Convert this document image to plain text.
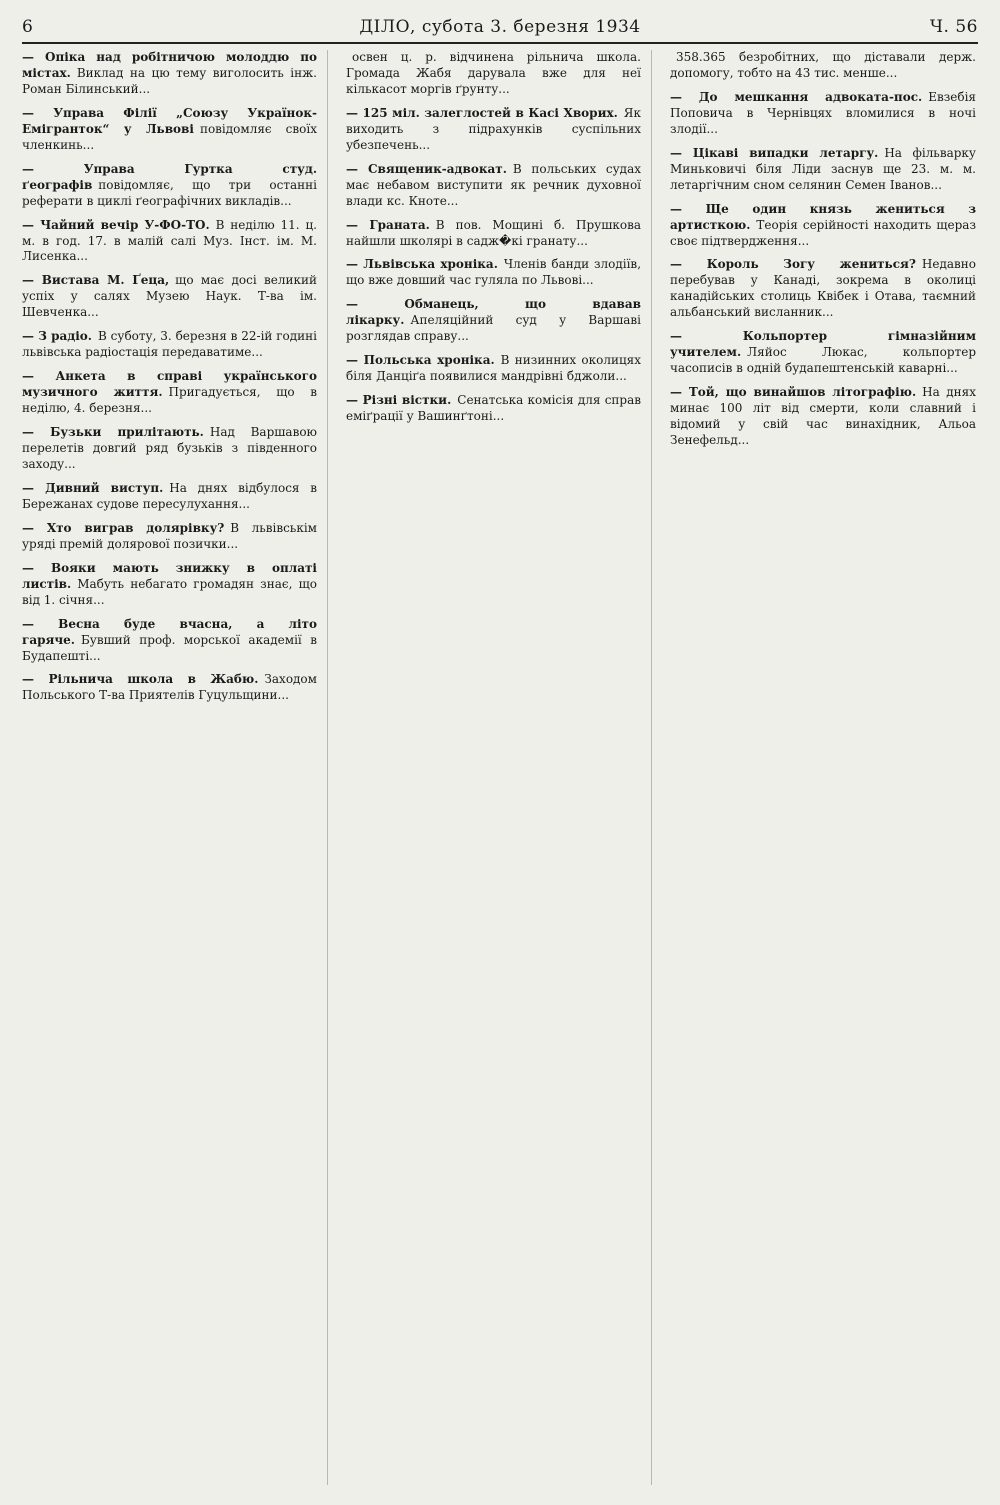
6	ДІЛО, субота 3. березня 1934	Ч. 56
— Опіка над робітничою молоддю по містах. Виклад на цю тему виголосить інж. Роман Білинський...
— Управа Філії „Союзу Українок-Емігранток“ у Львові повідомляє своїх членкинь...
— Управа Гуртка студ. ґеографів повідомляє, що три останні реферати в циклі ґеографічних викладів...
— Чайний вечір У-ФО-ТО. В неділю 11. ц. м. в год. 17. в малій салі Муз. Інст. ім. М. Лисенка...
— Вистава М. Ґеца, що має досі великий успіх у салях Музею Наук. Т-ва ім. Шевченка...
— З радіо. В суботу, 3. березня в 22-ій годині львівська радіостація передаватиме...
— Анкета в справі українського музичного життя. Пригадується, що в неділю, 4. березня...
— Бузьки прилітають. Над Варшавою перелетів довгий ряд бузьків з південного заходу...
— Дивний виступ. На днях відбулося в Бережанах судове пересулухання...
— Хто виграв долярівку? В львівськім уряді премій долярової позички...
— Вояки мають знижку в оплаті листів. Мабуть небагато громадян знає, що від 1. січня...
— Весна буде вчасна, а літо гаряче. Бувший проф. морської академії в Будапешті...
— Рільнича школа в Жабю. Заходом Польського Т-ва Приятелів Гуцульщини...
освен ц. р. відчинена рільнича школа. Громада Жабя дарувала вже для неї кількасот моргів ґрунту...
— 125 міл. залеглостей в Касі Хворих. Як виходить з підрахунків суспільних убезпечень...
— Священик-адвокат. В польських судах має небавом виступити як речник духовної влади кс. Кноте...
— Граната. В пов. Мощині б. Прушкова найшли школярі в садж�кі гранату...
— Львівська хроніка. Членів банди злодіїв, що вже довший час гуляла по Львові...
— Обманець, що вдавав лікарку. Апеляційний суд у Варшаві розглядав справу...
— Польська хроніка. В низинних околицях біля Данціґа появилися мандрівні бджоли...
— Різні вістки. Сенатська комісія для справ еміґрації у Вашинґтоні...
358.365 безробітних, що діставали держ. допомогу, тобто на 43 тис. менше...
— До мешкання адвоката-пос. Евзебія Поповича в Чернівцях вломилися в ночі злодії...
— Цікаві випадки летаргу. На фільварку Миньковичі біля Ліди заснув ще 23. м. м. летаргічним сном селянин Семен Іванов...
— Ще один князь жениться з артисткою. Теорія серійності находить щераз своє підтвердження...
— Король Зогу жениться? Недавно перебував у Канаді, зокрема в околиці канадійських столиць Квібек і Отава, таємний альбанський висланник...
— Кольпортер гімназійним учителем. Ляйос Люкас, кольпортер часописів в одній будапештенській каварні...
— Той, що винайшов літографію. На днях минає 100 літ від смерти, коли славний і відомий у свій час винахідник, Альоа Зенефельд...
